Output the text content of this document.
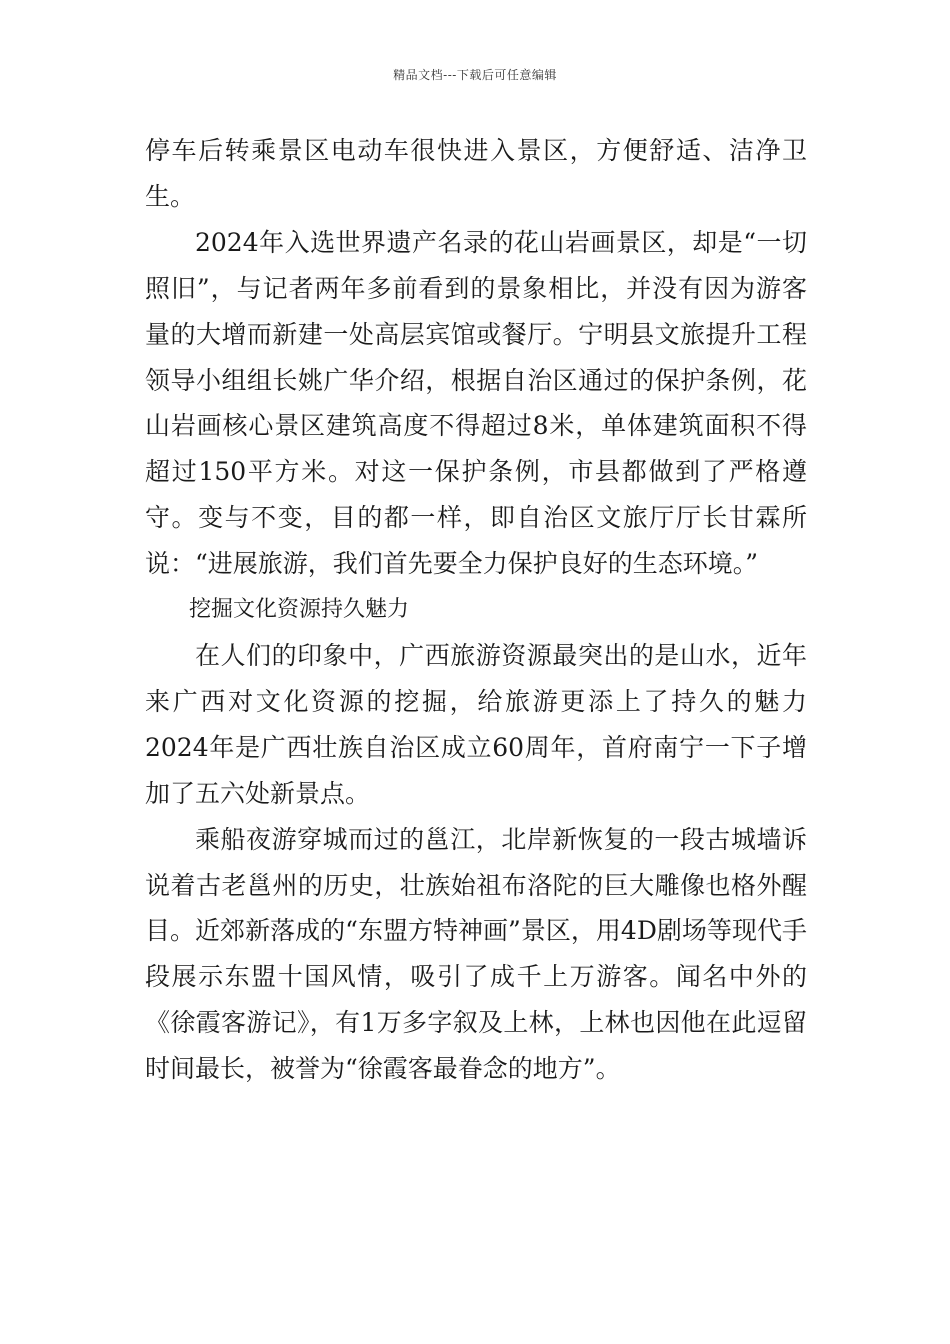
精品文档---下载后可任意编辑

停车后转乘景区电动车很快进入景区，方便舒适、洁净卫生。

2024年入选世界遗产名录的花山岩画景区，却是“一切照旧”，与记者两年多前看到的景象相比，并没有因为游客量的大增而新建一处高层宾馆或餐厅。宁明县文旅提升工程领导小组组长姚广华介绍，根据自治区通过的保护条例，花山岩画核心景区建筑高度不得超过8米，单体建筑面积不得超过150平方米。对这一保护条例，市县都做到了严格遵守。变与不变，目的都一样，即自治区文旅厅厅长甘霖所说：“进展旅游，我们首先要全力保护良好的生态环境。”

挖掘文化资源持久魅力

在人们的印象中，广西旅游资源最突出的是山水，近年来广西对文化资源的挖掘，给旅游更添上了持久的魅力2024年是广西壮族自治区成立60周年，首府南宁一下子增加了五六处新景点。

乘船夜游穿城而过的邕江，北岸新恢复的一段古城墙诉说着古老邕州的历史，壮族始祖布洛陀的巨大雕像也格外醒目。近郊新落成的“东盟方特神画”景区，用4D剧场等现代手段展示东盟十国风情，吸引了成千上万游客。闻名中外的《徐霞客游记》，有1万多字叙及上林，上林也因他在此逗留时间最长，被誉为“徐霞客最眷念的地方”。
